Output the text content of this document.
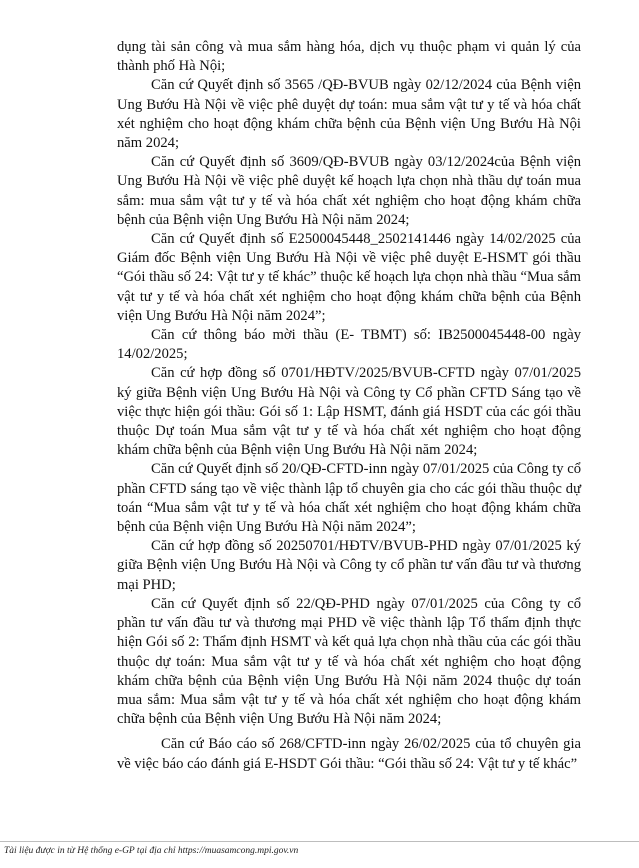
dụng tài sản công và mua sắm hàng hóa, dịch vụ thuộc phạm vi quản lý của thành phố Hà Nội;

Căn cứ Quyết định số 3565 /QĐ-BVUB ngày 02/12/2024 của Bệnh viện Ung Bướu Hà Nội về việc phê duyệt dự toán: mua sắm vật tư y tế và hóa chất xét nghiệm cho hoạt động khám chữa bệnh của Bệnh viện Ung Bướu Hà Nội năm 2024;

Căn cứ Quyết định số 3609/QĐ-BVUB ngày 03/12/2024của Bệnh viện Ung Bướu Hà Nội về việc phê duyệt kế hoạch lựa chọn nhà thầu dự toán mua sắm: mua sắm vật tư y tế và hóa chất xét nghiệm cho hoạt động khám chữa bệnh của Bệnh viện Ung Bướu Hà Nội năm 2024;

Căn cứ Quyết định số E2500045448_2502141446 ngày 14/02/2025 của Giám đốc Bệnh viện Ung Bướu Hà Nội về việc phê duyệt E-HSMT gói thầu “Gói thầu số 24: Vật tư y tế khác” thuộc kế hoạch lựa chọn nhà thầu “Mua sắm vật tư y tế và hóa chất xét nghiệm cho hoạt động khám chữa bệnh của Bệnh viện Ung Bướu Hà Nội năm 2024”;

Căn cứ thông báo mời thầu (E- TBMT) số: IB2500045448-00 ngày 14/02/2025;

Căn cứ hợp đồng số 0701/HĐTV/2025/BVUB-CFTD ngày 07/01/2025 ký giữa Bệnh viện Ung Bướu Hà Nội và Công ty Cổ phần CFTD Sáng tạo về việc thực hiện gói thầu: Gói số 1: Lập HSMT, đánh giá HSDT của các gói thầu thuộc Dự toán Mua sắm vật tư y tế và hóa chất xét nghiệm cho hoạt động khám chữa bệnh của Bệnh viện Ung Bướu Hà Nội năm 2024;

Căn cứ Quyết định số 20/QĐ-CFTD-inn ngày 07/01/2025 của Công ty cổ phần CFTD sáng tạo về việc thành lập tổ chuyên gia cho các gói thầu thuộc dự toán “Mua sắm vật tư y tế và hóa chất xét nghiệm cho hoạt động khám chữa bệnh của Bệnh viện Ung Bướu Hà Nội năm 2024”;

Căn cứ hợp đồng số 20250701/HĐTV/BVUB-PHD ngày 07/01/2025 ký giữa Bệnh viện Ung Bướu Hà Nội và Công ty cổ phần tư vấn đầu tư và thương mại PHD;

Căn cứ Quyết định số 22/QĐ-PHD ngày 07/01/2025 của Công ty cổ phần tư vấn đầu tư và thương mại PHD về việc thành lập Tổ thẩm định thực hiện Gói số 2: Thẩm định HSMT và kết quả lựa chọn nhà thầu của các gói thầu thuộc dự toán: Mua sắm vật tư y tế và hóa chất xét nghiệm cho hoạt động khám chữa bệnh của Bệnh viện Ung Bướu Hà Nội năm 2024 thuộc dự toán mua sắm: Mua sắm vật tư y tế và hóa chất xét nghiệm cho hoạt động khám chữa bệnh của Bệnh viện Ung Bướu Hà Nội năm 2024;

Căn cứ Báo cáo số 268/CFTD-inn ngày 26/02/2025 của tổ chuyên gia về việc báo cáo đánh giá E-HSDT Gói thầu: “Gói thầu số 24: Vật tư y tế khác”

Tài liệu được in từ Hệ thống e-GP tại địa chỉ https://muasamcong.mpi.gov.vn
